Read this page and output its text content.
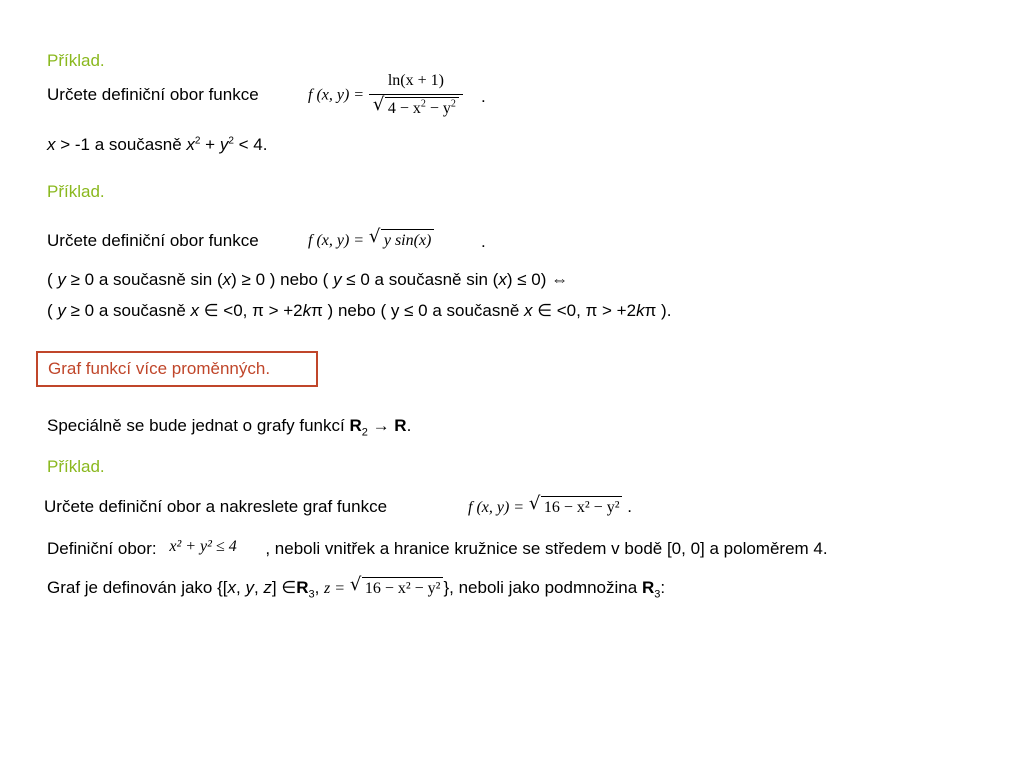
Příklad.
Určete definiční obor funkce	f (x, $y) = \frac{\ln(x + 1)}{√ 4 - x^2 - y^2}$ .
x > -1 a současně $x^2 + y^2 < 4$.
Příklad.
Určete definiční obor funkce	f (x, y) = √ y sin(x)	.
( y ≥ 0 a současně sin (x) ≥ 0 ) nebo ( y ≤ 0 a současně sin (x) ≤ 0) ⇔
( y ≥ 0 a současně x ∈ <0, π > +2kπ ) nebo ( y ≤ 0 a současně x ∈ <0, π > +2kπ ).
Graf funkcí více proměnných.
Speciálně se bude jednat o grafy funkcí $R_2 \to R$.
Příklad.
Určete definiční obor a nakreslete graf funkce	f (x, y) = √ 16 − x² − y² .
Definiční obor: x² + y² ≤ 4 , neboli vnitřek a hranice kružnice se středem v bodě [0, 0] a poloměrem 4.
Graf je definován jako {[x, y, z] $\in R_3$, z = √ 16 − x² − y² }, neboli jako podmnožina $R_3$:
